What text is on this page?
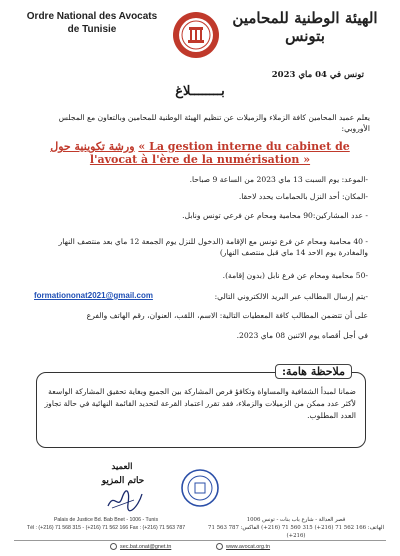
Ordre National des Avocats
de Tunisie
الهيئة الوطنية للمحامين
بتونس
تونس في 04 ماي 2023
بــــــــلاغ
يعلم عميد المحامين كافة الزملاء والزميلات عن تنظيم الهيئة الوطنية للمحامين وبالتعاون مع المجلس الأوروبي:
ورشة تكوينية حول « La gestion interne du cabinet de
l'avocat à l'ère de la numérisation »
-الموعد: يوم السبت 13 ماي 2023 من الساعة 9 صباحا.
-المكان: أحد النزل بالحمامات يحدد لاحقا.
- عدد المشاركين:90 محامية ومحام عن فرعي تونس ونابل.
- 40 محامية ومحام عن فرع تونس مع الإقامة (الدخول للنزل يوم الجمعة 12 ماي بعد منتصف النهار والمغادرة يوم الاحد 14 ماي قبل منتصف النهار)
-50 محامية ومحام عن فرع نابل (بدون إقامة).
-يتم إرسال المطالب عبر البريد الالكتروني التالي:
formationonat2021@gmail.com
على أن تتضمن المطالب كافة المعطيات التالية: الاسم، اللقب، العنوان، رقم الهاتف والفرع
في أجل أقصاه يوم الاثنين 08 ماي 2023.
ملاحظة هامة:
ضمانا لمبدأ الشفافية والمساواة وتكافؤ فرص المشاركة بين الجميع وبغاية تحقيق المشاركة الواسعة لأكثر عدد ممكن من الزميلات والزملاء، فقد تقرر اعتماد القرعة لتحديد القائمة النهائية في حالة تجاوز العدد المطلوب.
العميد
حاتم المزيو
Palais de Justice Bd. Bab Bnet - 1006 - Tunis
Tél : (+216) 71 568 315 - (+216) 71 562 166 Fax : (+216) 71 563 787
قصر العدالة - شارع باب بنات - تونس 1006
الهاتف: 166 562 71 (216+) 315 560 71 (216+) الفاكس: 787 563 71 (216+)
sec.bat.onat@gnet.tn	www.avocat.org.tn
